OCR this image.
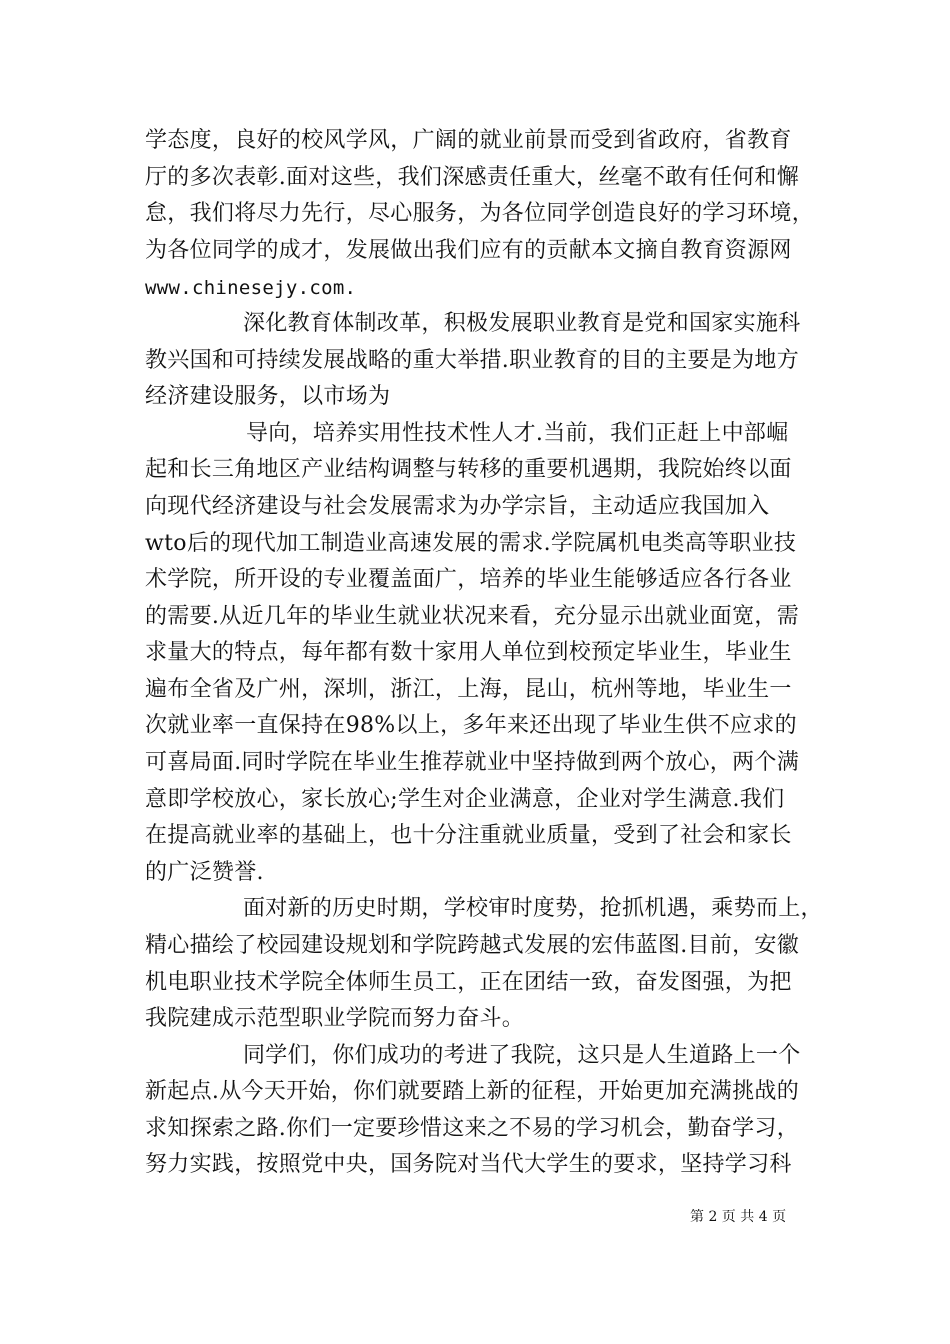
学态度，良好的校风学风，广阔的就业前景而受到省政府，省教育
厅的多次表彰.面对这些，我们深感责任重大，丝毫不敢有任何和懈
怠，我们将尽力先行，尽心服务，为各位同学创造良好的学习环境，
为各位同学的成才，发展做出我们应有的贡献本文摘自教育资源网
www.chinesejy.com.
深化教育体制改革，积极发展职业教育是党和国家实施科
教兴国和可持续发展战略的重大举措.职业教育的目的主要是为地方
经济建设服务，以市场为
导向，培养实用性技术性人才.当前，我们正赶上中部崛
起和长三角地区产业结构调整与转移的重要机遇期，我院始终以面
向现代经济建设与社会发展需求为办学宗旨，主动适应我国加入
wto后的现代加工制造业高速发展的需求.学院属机电类高等职业技
术学院，所开设的专业覆盖面广，培养的毕业生能够适应各行各业
的需要.从近几年的毕业生就业状况来看，充分显示出就业面宽，需
求量大的特点，每年都有数十家用人单位到校预定毕业生，毕业生
遍布全省及广州，深圳，浙江，上海，昆山，杭州等地，毕业生一
次就业率一直保持在98%以上，多年来还出现了毕业生供不应求的
可喜局面.同时学院在毕业生推荐就业中坚持做到两个放心，两个满
意即学校放心，家长放心;学生对企业满意，企业对学生满意.我们
在提高就业率的基础上，也十分注重就业质量，受到了社会和家长
的广泛赞誉.
面对新的历史时期，学校审时度势，抢抓机遇，乘势而上，
精心描绘了校园建设规划和学院跨越式发展的宏伟蓝图.目前，安徽
机电职业技术学院全体师生员工，正在团结一致，奋发图强，为把
我院建成示范型职业学院而努力奋斗。
同学们，你们成功的考进了我院，这只是人生道路上一个
新起点.从今天开始，你们就要踏上新的征程，开始更加充满挑战的
求知探索之路.你们一定要珍惜这来之不易的学习机会，勤奋学习，
努力实践，按照党中央，国务院对当代大学生的要求，坚持学习科
第 2 页 共 4 页
